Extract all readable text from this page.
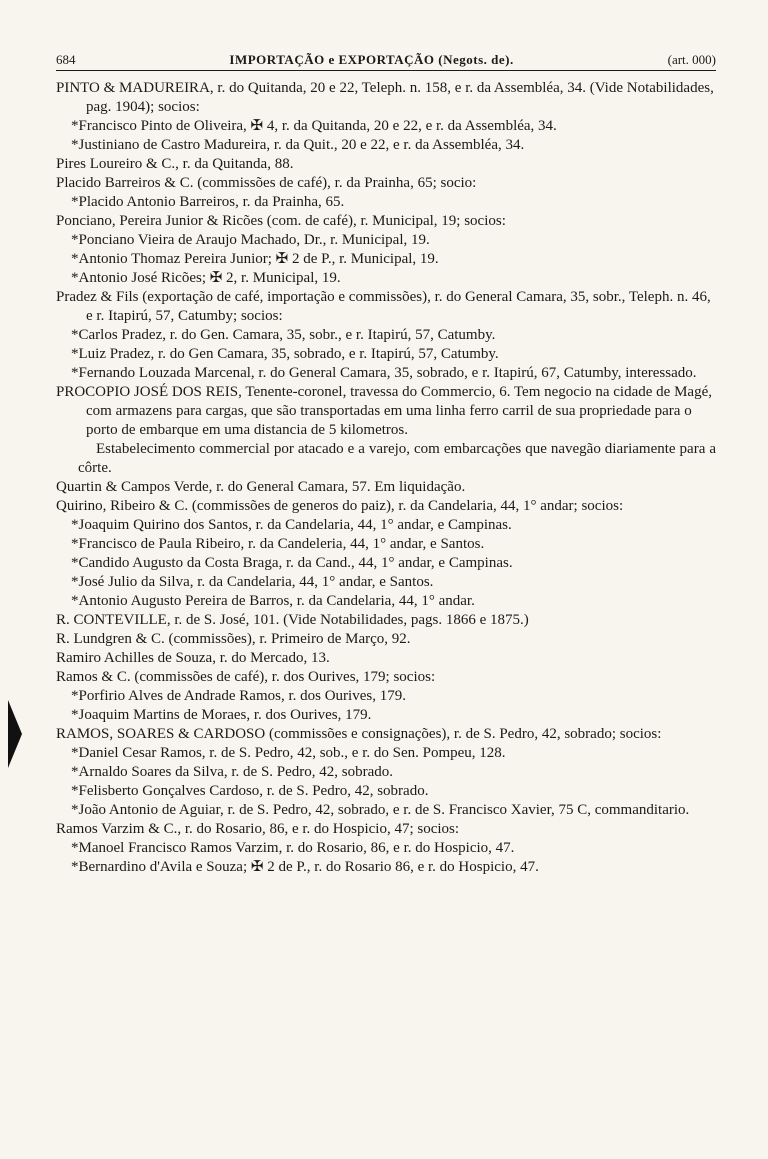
684	IMPORTAÇÃO e EXPORTAÇÃO (Negots. de).	(art. 000)
PINTO & MADUREIRA, r. do Quitanda, 20 e 22, Teleph. n. 158, e r. da Assembléa, 34. (Vide Notabilidades, pag. 1904); socios:
*Francisco Pinto de Oliveira, ✠ 4, r. da Quitanda, 20 e 22, e r. da Assembléa, 34.
*Justiniano de Castro Madureira, r. da Quit., 20 e 22, e r. da Assembléa, 34.
Pires Loureiro & C., r. da Quitanda, 88.
Placido Barreiros & C. (commissões de café), r. da Prainha, 65; socio:
*Placido Antonio Barreiros, r. da Prainha, 65.
Ponciano, Pereira Junior & Ricões (com. de café), r. Municipal, 19; socios:
*Ponciano Vieira de Araujo Machado, Dr., r. Municipal, 19.
*Antonio Thomaz Pereira Junior; ✠ 2 de P., r. Municipal, 19.
*Antonio José Ricões; ✠ 2, r. Municipal, 19.
Pradez & Fils (exportação de café, importação e commissões), r. do General Camara, 35, sobr., Teleph. n. 46, e r. Itapirú, 57, Catumby; socios:
*Carlos Pradez, r. do Gen. Camara, 35, sobr., e r. Itapirú, 57, Catumby.
*Luiz Pradez, r. do Gen Camara, 35, sobrado, e r. Itapirú, 57, Catumby.
*Fernando Louzada Marcenal, r. do General Camara, 35, sobrado, e r. Itapirú, 67, Catumby, interessado.
PROCOPIO JOSÉ DOS REIS, Tenente-coronel, travessa do Commercio, 6. Tem negocio na cidade de Magé, com armazens para cargas, que são transportadas em uma linha ferro carril de sua propriedade para o porto de embarque em uma distancia de 5 kilometros.
Estabelecimento commercial por atacado e a varejo, com embarcações que navegão diariamente para a côrte.
Quartin & Campos Verde, r. do General Camara, 57. Em liquidação.
Quirino, Ribeiro & C. (commissões de generos do paiz), r. da Candelaria, 44, 1° andar; socios:
*Joaquim Quirino dos Santos, r. da Candelaria, 44, 1° andar, e Campinas.
*Francisco de Paula Ribeiro, r. da Candeleria, 44, 1° andar, e Santos.
*Candido Augusto da Costa Braga, r. da Cand., 44, 1° andar, e Campinas.
*José Julio da Silva, r. da Candelaria, 44, 1° andar, e Santos.
*Antonio Augusto Pereira de Barros, r. da Candelaria, 44, 1° andar.
R. CONTEVILLE, r. de S. José, 101. (Vide Notabilidades, pags. 1866 e 1875.)
R. Lundgren & C. (commissões), r. Primeiro de Março, 92.
Ramiro Achilles de Souza, r. do Mercado, 13.
Ramos & C. (commissões de café), r. dos Ourives, 179; socios:
*Porfirio Alves de Andrade Ramos, r. dos Ourives, 179.
*Joaquim Martins de Moraes, r. dos Ourives, 179.
RAMOS, SOARES & CARDOSO (commissões e consignações), r. de S. Pedro, 42, sobrado; socios:
*Daniel Cesar Ramos, r. de S. Pedro, 42, sob., e r. do Sen. Pompeu, 128.
*Arnaldo Soares da Silva, r. de S. Pedro, 42, sobrado.
*Felisberto Gonçalves Cardoso, r. de S. Pedro, 42, sobrado.
*João Antonio de Aguiar, r. de S. Pedro, 42, sobrado, e r. de S. Francisco Xavier, 75 C, commanditario.
Ramos Varzim & C., r. do Rosario, 86, e r. do Hospicio, 47; socios:
*Manoel Francisco Ramos Varzim, r. do Rosario, 86, e r. do Hospicio, 47.
*Bernardino d'Avila e Souza; ✠ 2 de P., r. do Rosario 86, e r. do Hospicio, 47.
